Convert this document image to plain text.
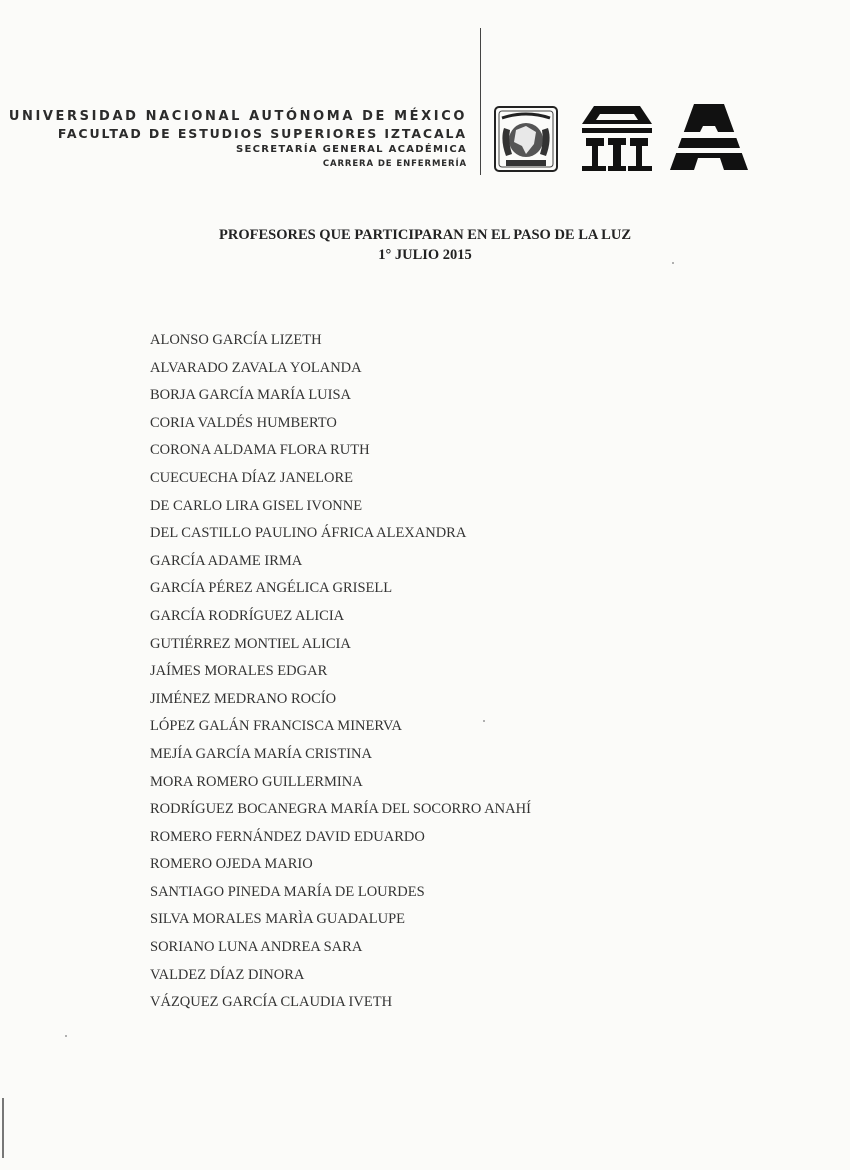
UNIVERSIDAD NACIONAL AUTÓNOMA DE MÉXICO
FACULTAD DE ESTUDIOS SUPERIORES IZTACALA
SECRETARÍA GENERAL ACADÉMICA
CARRERA DE ENFERMERÍA
PROFESORES QUE PARTICIPARAN EN EL PASO DE LA LUZ
1° JULIO 2015
ALONSO GARCÍA LIZETH
ALVARADO ZAVALA YOLANDA
BORJA GARCÍA MARÍA LUISA
CORIA VALDÉS HUMBERTO
CORONA ALDAMA FLORA RUTH
CUECUECHA DÍAZ JANELORE
DE CARLO LIRA GISEL IVONNE
DEL CASTILLO PAULINO ÁFRICA ALEXANDRA
GARCÍA ADAME IRMA
GARCÍA PÉREZ ANGÉLICA GRISELL
GARCÍA RODRÍGUEZ ALICIA
GUTIÉRREZ MONTIEL ALICIA
JAÍMES MORALES EDGAR
JIMÉNEZ MEDRANO ROCÍO
LÓPEZ GALÁN FRANCISCA MINERVA
MEJÍA GARCÍA MARÍA CRISTINA
MORA ROMERO GUILLERMINA
RODRÍGUEZ BOCANEGRA MARÍA DEL SOCORRO ANAHÍ
ROMERO FERNÁNDEZ DAVID EDUARDO
ROMERO OJEDA MARIO
SANTIAGO PINEDA MARÍA DE LOURDES
SILVA MORALES MARÌA GUADALUPE
SORIANO LUNA ANDREA SARA
VALDEZ DÍAZ DINORA
VÁZQUEZ GARCÍA CLAUDIA IVETH
